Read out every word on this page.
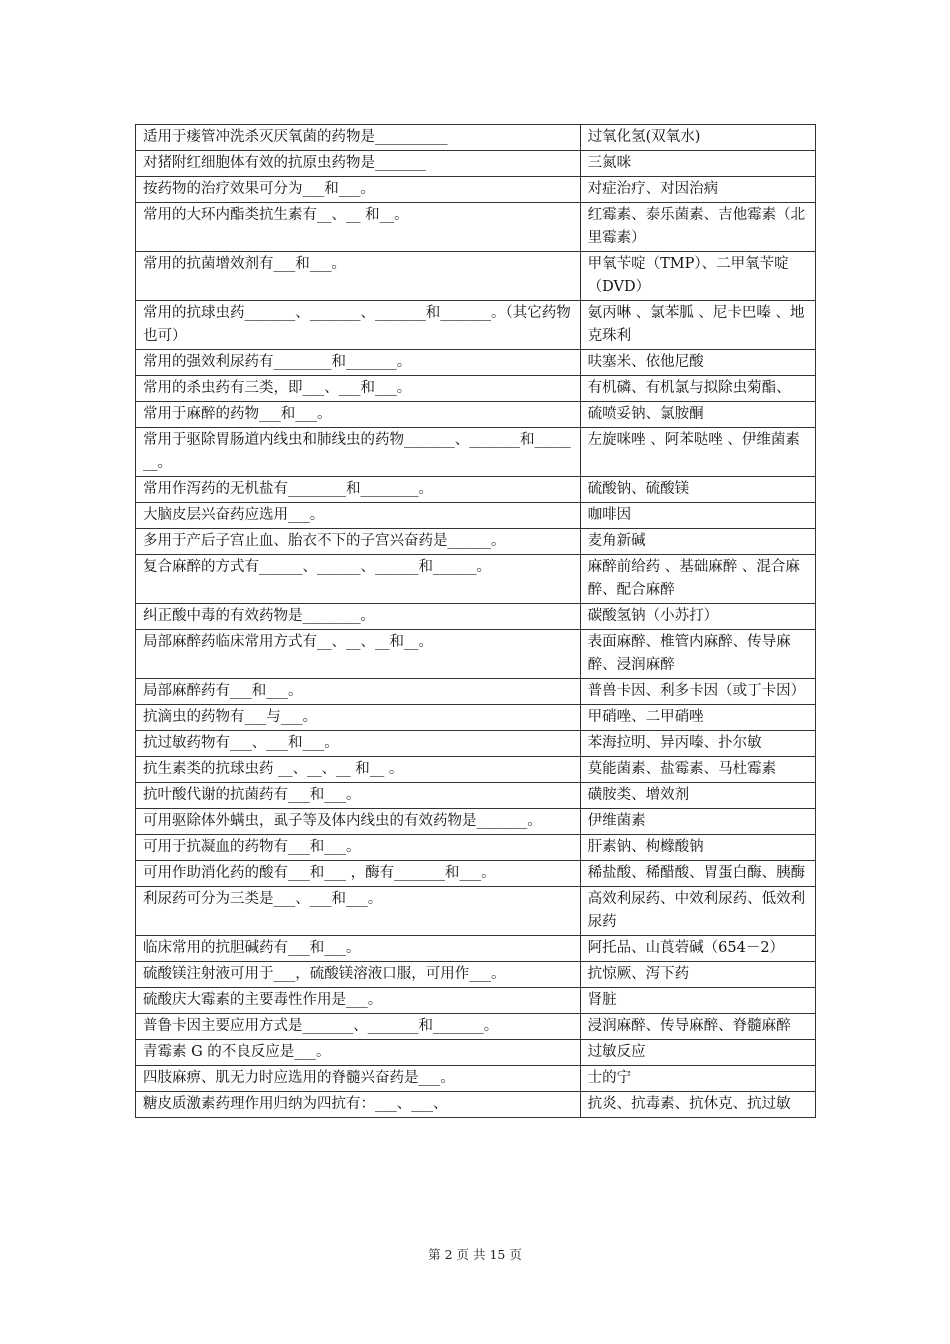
适用于瘘管冲洗杀灭厌氧菌的药物是__________	过氧化氢(双氧水)
对猪附红细胞体有效的抗原虫药物是_______	三氮咪
按药物的治疗效果可分为___和___。	对症治疗、对因治病
常用的大环内酯类抗生素有__、__ 和__。	红霉素、泰乐菌素、吉他霉素（北里霉素）
常用的抗菌增效剂有___和___。	甲氧苄啶（TMP）、二甲氧苄啶（DVD）
常用的抗球虫药_______、_______、_______和_______。（其它药物也可）	氨丙啉 、氯苯胍 、尼卡巴嗪 、地克珠利
常用的强效利尿药有________和_______。	呋塞米、依他尼酸
常用的杀虫药有三类，即___、___和___。	有机磷、有机氯与拟除虫菊酯、
常用于麻醉的药物___和___。	硫喷妥钠、氯胺酮
常用于驱除胃肠道内线虫和肺线虫的药物_______、_______和_______。	左旋咪唑 、阿苯哒唑 、伊维菌素
常用作泻药的无机盐有________和________。	硫酸钠、硫酸镁
大脑皮层兴奋药应选用___。	咖啡因
多用于产后子宫止血、胎衣不下的子宫兴奋药是______。	麦角新碱
复合麻醉的方式有______、______、______和______。	麻醉前给药 、基础麻醉 、混合麻醉、配合麻醉
纠正酸中毒的有效药物是________。	碳酸氢钠（小苏打）
局部麻醉药临床常用方式有__、__、__和__。	表面麻醉、椎管内麻醉、传导麻醉、浸润麻醉
局部麻醉药有___和___。	普兽卡因、利多卡因（或丁卡因）
抗滴虫的药物有___与___。	甲硝唑、二甲硝唑
抗过敏药物有___、___和___。	苯海拉明、异丙嗪、扑尔敏
抗生素类的抗球虫药 __、__、__ 和__ 。	莫能菌素、盐霉素、马杜霉素
抗叶酸代谢的抗菌药有___和___。	磺胺类、增效剂
可用驱除体外螨虫，虱子等及体内线虫的有效药物是_______。	伊维菌素
可用于抗凝血的药物有___和___。	肝素钠、枸橼酸钠
可用作助消化药的酸有___和___ ，酶有_______和___。	稀盐酸、稀醋酸、胃蛋白酶、胰酶
利尿药可分为三类是___、___和___。	高效利尿药、中效利尿药、低效利尿药
临床常用的抗胆碱药有___和___。	阿托品、山莨菪碱（654－2）
硫酸镁注射液可用于___，硫酸镁溶液口服，可用作___。	抗惊厥、泻下药
硫酸庆大霉素的主要毒性作用是___。	肾脏
普鲁卡因主要应用方式是_______、_______和_______。	浸润麻醉、传导麻醉、脊髓麻醉
青霉素 G 的不良反应是___。	过敏反应
四肢麻痹、肌无力时应选用的脊髓兴奋药是___。	士的宁
糖皮质激素药理作用归纳为四抗有：___、___、	抗炎、抗毒素、抗休克、抗过敏
第 2 页 共 15 页
